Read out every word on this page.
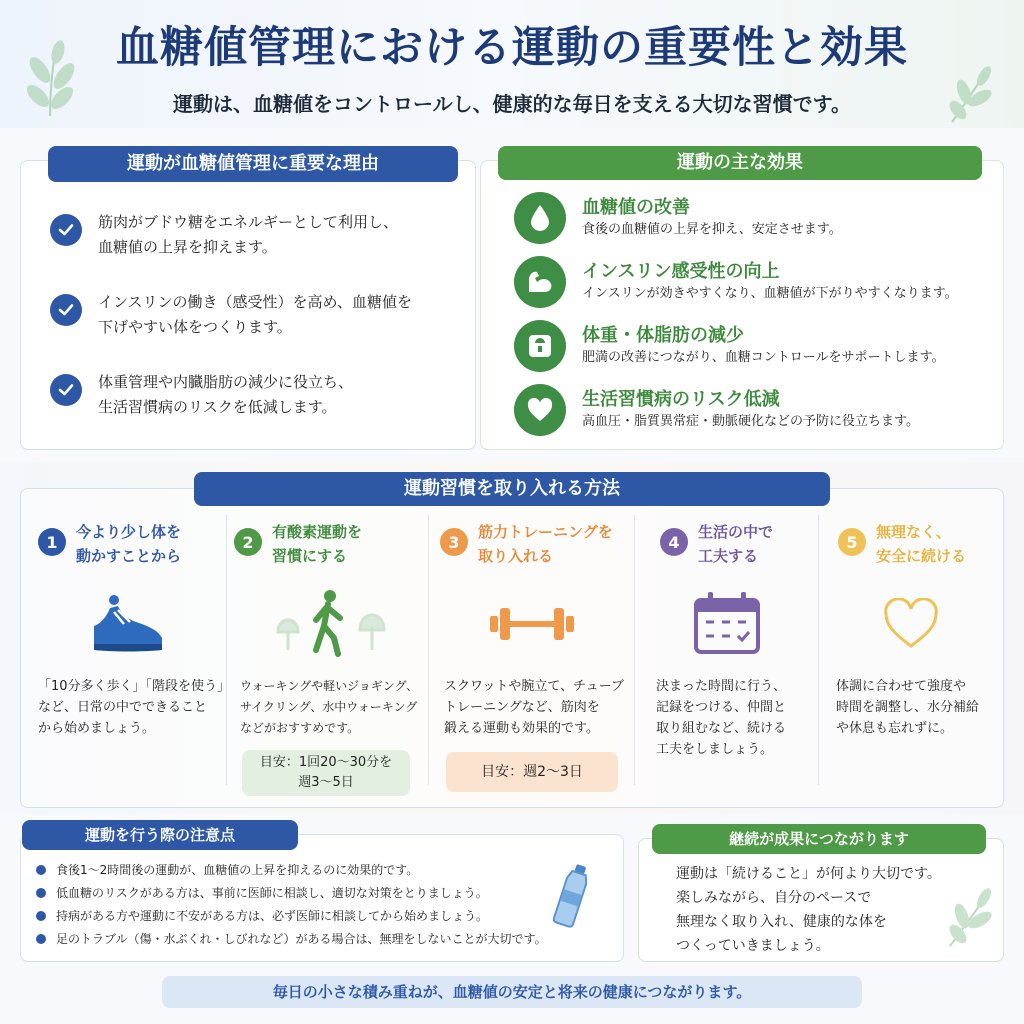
血糖値管理における運動の重要性と効果
運動は、血糖値をコントロールし、健康的な毎日を支える大切な習慣です。
運動が血糖値管理に重要な理由
筋肉がブドウ糖をエネルギーとして利用し、
血糖値の上昇を抑えます。
インスリンの働き（感受性）を高め、血糖値を
下げやすい体をつくります。
体重管理や内臓脂肪の減少に役立ち、
生活習慣病のリスクを低減します。
運動の主な効果
血糖値の改善
食後の血糖値の上昇を抑え、安定させます。
インスリン感受性の向上
インスリンが効きやすくなり、血糖値が下がりやすくなります。
体重・体脂肪の減少
肥満の改善につながり、血糖コントロールをサポートします。
生活習慣病のリスク低減
高血圧・脂質異常症・動脈硬化などの予防に役立ちます。
運動習慣を取り入れる方法
1
今より少し体を
動かすことから
「10分多く歩く」「階段を使う」
など、日常の中でできること
から始めましょう。
2
有酸素運動を
習慣にする
ウォーキングや軽いジョギング、
サイクリング、水中ウォーキング
などがおすすめです。
目安：1回20～30分を
週3～5日
3
筋力トレーニングを
取り入れる
スクワットや腕立て、チューブ
トレーニングなど、筋肉を
鍛える運動も効果的です。
目安：週2～3日
4
生活の中で
工夫する
決まった時間に行う、
記録をつける、仲間と
取り組むなど、続ける
工夫をしましょう。
5
無理なく、
安全に続ける
体調に合わせて強度や
時間を調整し、水分補給
や休息も忘れずに。
運動を行う際の注意点
食後1～2時間後の運動が、血糖値の上昇を抑えるのに効果的です。
低血糖のリスクがある方は、事前に医師に相談し、適切な対策をとりましょう。
持病がある方や運動に不安がある方は、必ず医師に相談してから始めましょう。
足のトラブル（傷・水ぶくれ・しびれなど）がある場合は、無理をしないことが大切です。
継続が成果につながります
運動は「続けること」が何より大切です。
楽しみながら、自分のペースで
無理なく取り入れ、健康的な体を
つくっていきましょう。
毎日の小さな積み重ねが、血糖値の安定と将来の健康につながります。
